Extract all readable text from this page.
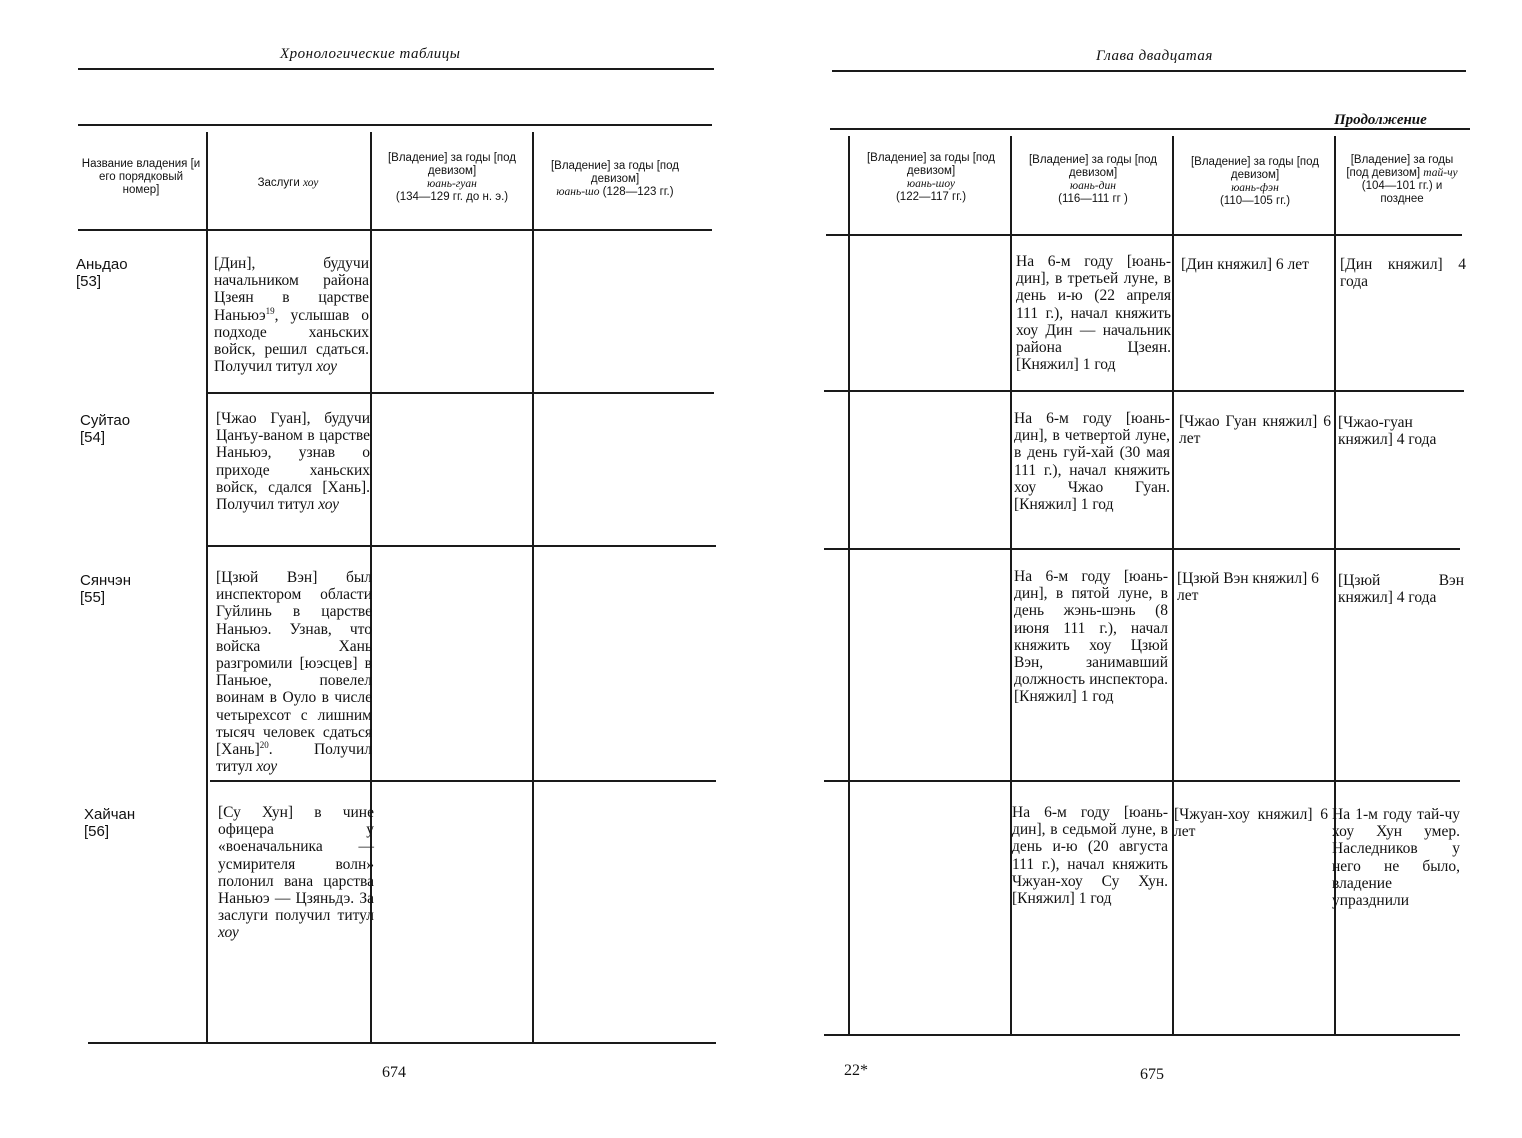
Хронологические таблицы
Название владения [и его порядковый номер]
Заслуги хоу
[Владение] за годы [под девизом]
юань-гуан
(134—129 гг. до н. э.)
[Владение] за годы [под девизом]
юань-шо (128—123 гг.)
Аньдао
[53]
[Дин], будучи начальником района Цзеян в царстве Наньюэ$^{19}$, услышав о подходе ханьских войск, решил сдаться. Получил титул хоу
Суйтао
[54]
[Чжао Гуан], будучи Цанъу-ваном в царстве Наньюэ, узнав о приходе ханьских войск, сдался [Хань]. Получил титул хоу
Сянчэн
[55]
[Цзюй Вэн] был инспектором области Гуйлинь в царстве Наньюэ. Узнав, что войска Хань разгромили [юэсцев] в Паньюе, повелел воинам в Оуло в числе четырехсот с лишним тысяч человек сдаться [Хань]$^{20}$. Получил титул хоу
Хайчан
[56]
[Су Хун] в чине офицера у «военачальника — усмирителя волн» полонил вана царства Наньюэ — Цзяньдэ. За заслуги получил титул хоу
674
Глава двадцатая
Продолжение
[Владение] за годы [под девизом]
юань-шоу
(122—117 гг.)
[Владение] за годы [под девизом]
юань-дин
(116—111 гг )
[Владение] за годы [под девизом]
юань-фэн
(110—105 гг.)
[Владение] за годы [под девизом] тай-чу
(104—101 гг.) и позднее
На 6-м году [юань-дин], в третьей луне, в день и-ю (22 апреля 111 г.), начал княжить хоу Дин — начальник района Цзеян. [Княжил] 1 год
[Дин княжил] 6 лет	[Дин княжил] 4 года
На 6-м году [юань-дин], в четвертой луне, в день гуй-хай (30 мая 111 г.), начал княжить хоу Чжао Гуан. [Княжил] 1 год
[Чжао Гуан княжил] 6 лет
[Чжао-гуан княжил] 4 года
На 6-м году [юань-дин], в пятой луне, в день жэнь-шэнь (8 июня 111 г.), начал княжить хоу Цзюй Вэн, занимавший должность инспектора. [Княжил] 1 год
[Цзюй Вэн княжил] 6 лет
[Цзюй Вэн княжил] 4 года
На 6-м году [юань-дин], в седьмой луне, в день и-ю (20 августа 111 г.), начал княжить Чжуан-хоу Су Хун. [Княжил] 1 год
[Чжуан-хоу княжил] 6 лет
На 1-м году тай-чу хоу Хун умер. Наследников у него не было, владение упразднили
22*	675
